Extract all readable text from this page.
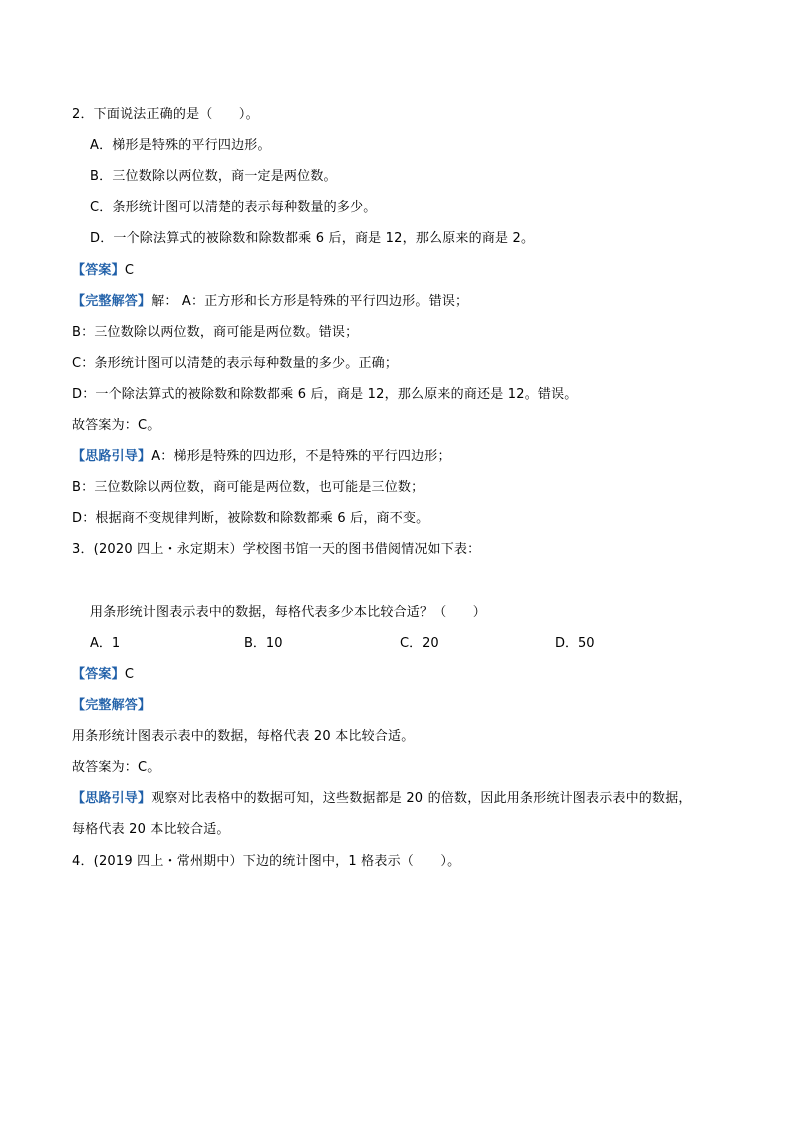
2．下面说法正确的是（　　）。
A．梯形是特殊的平行四边形。
B．三位数除以两位数，商一定是两位数。
C．条形统计图可以清楚的表示每种数量的多少。
D．一个除法算式的被除数和除数都乘 6 后，商是 12，那么原来的商是 2。
【答案】C
【完整解答】解： A：正方形和长方形是特殊的平行四边形。错误；
B：三位数除以两位数，商可能是两位数。错误；
C：条形统计图可以清楚的表示每种数量的多少。正确；
D：一个除法算式的被除数和除数都乘 6 后，商是 12，那么原来的商还是 12。错误。
故答案为：C。
【思路引导】A：梯形是特殊的四边形，不是特殊的平行四边形；
B：三位数除以两位数，商可能是两位数，也可能是三位数；
D：根据商不变规律判断，被除数和除数都乘 6 后，商不变。
3．(2020 四上・永定期末）学校图书馆一天的图书借阅情况如下表：
用条形统计图表示表中的数据，每格代表多少本比较合适？（　　）
A．1	B．10	C．20	D．50
【答案】C
【完整解答】
用条形统计图表示表中的数据，每格代表 20 本比较合适。
故答案为：C。
【思路引导】观察对比表格中的数据可知，这些数据都是 20 的倍数，因此用条形统计图表示表中的数据，
每格代表 20 本比较合适。
4．(2019 四上・常州期中）下边的统计图中，1 格表示（　　）。
